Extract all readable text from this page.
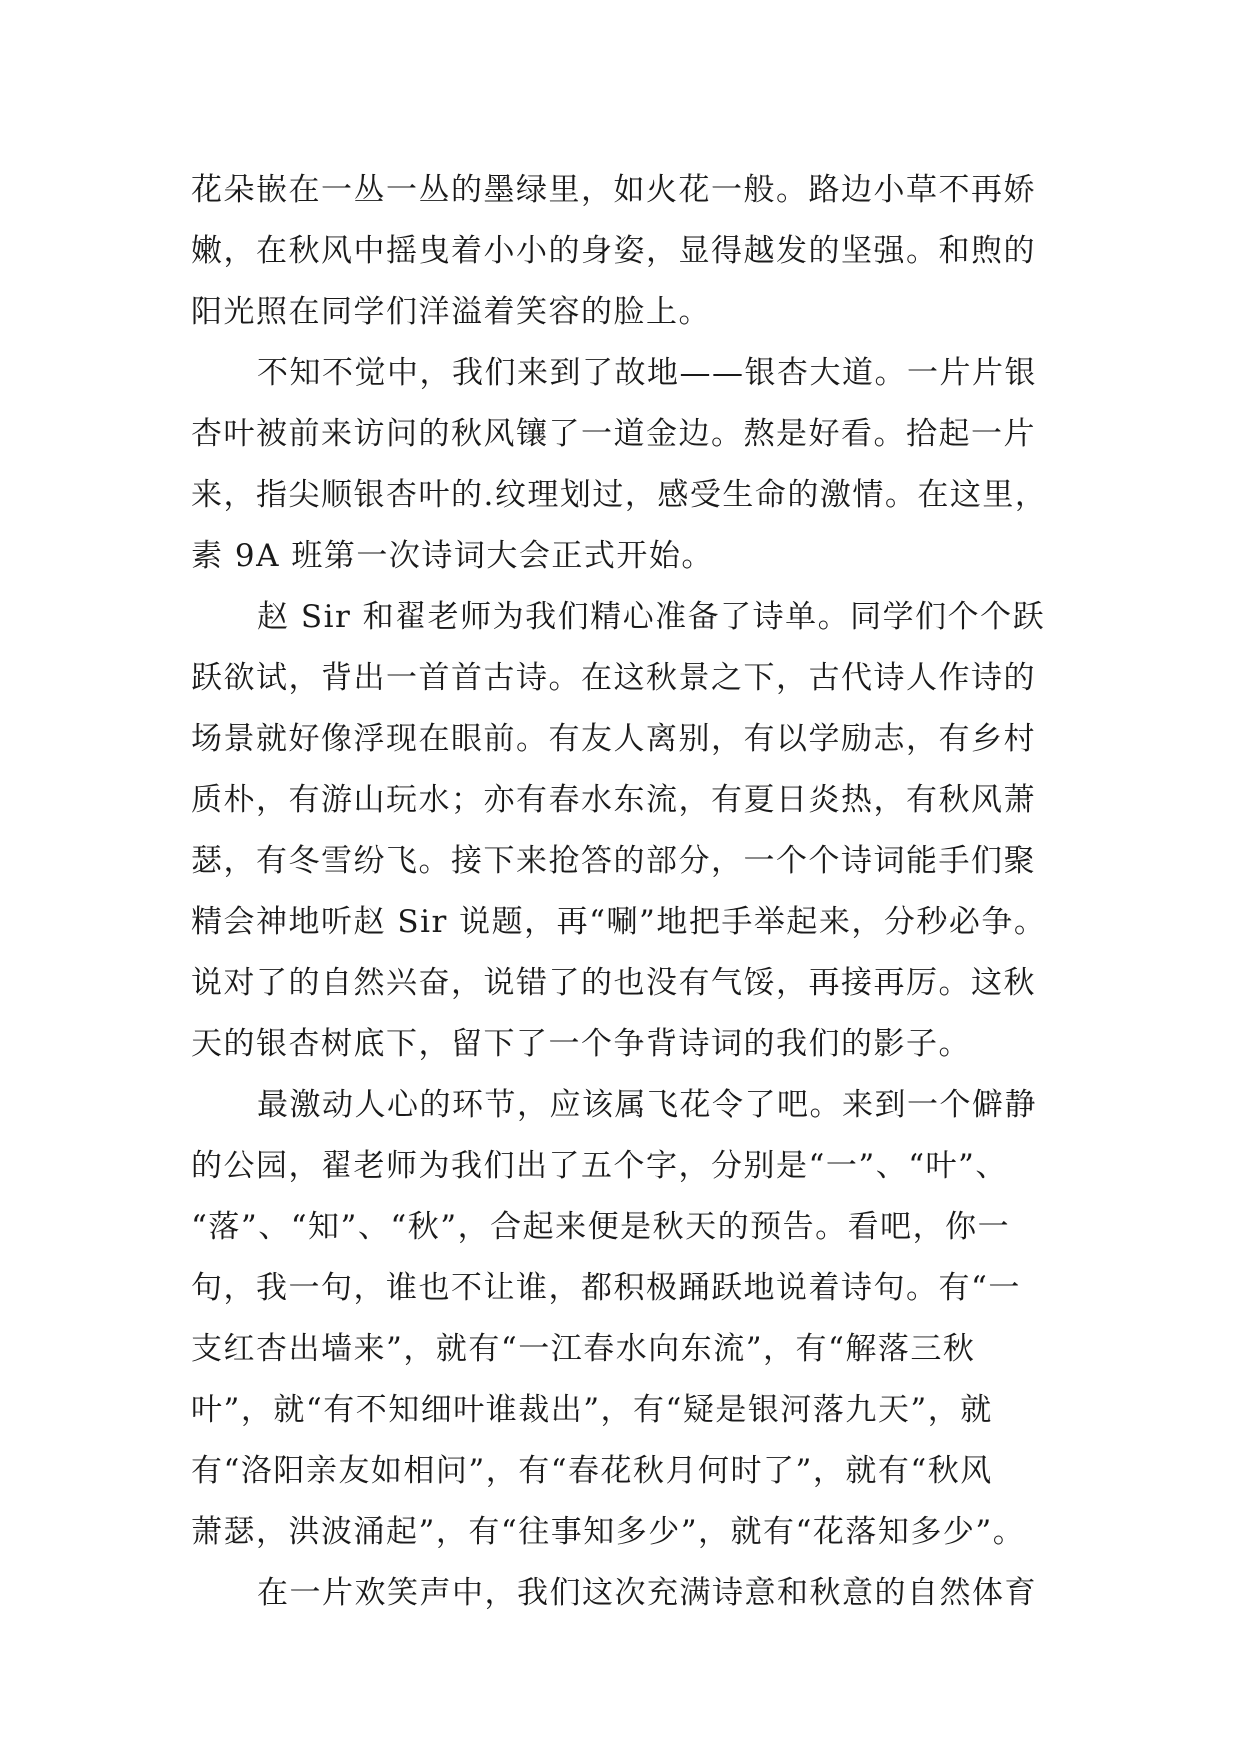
花朵嵌在一丛一丛的墨绿里，如火花一般。路边小草不再娇
嫩，在秋风中摇曳着小小的身姿，显得越发的坚强。和煦的
阳光照在同学们洋溢着笑容的脸上。
不知不觉中，我们来到了故地——银杏大道。一片片银
杏叶被前来访问的秋风镶了一道金边。熬是好看。拾起一片
来，指尖顺银杏叶的.纹理划过，感受生命的激情。在这里，
素 9A 班第一次诗词大会正式开始。
赵 Sir 和翟老师为我们精心准备了诗单。同学们个个跃
跃欲试，背出一首首古诗。在这秋景之下，古代诗人作诗的
场景就好像浮现在眼前。有友人离别，有以学励志，有乡村
质朴，有游山玩水；亦有春水东流，有夏日炎热，有秋风萧
瑟，有冬雪纷飞。接下来抢答的部分，一个个诗词能手们聚
精会神地听赵 Sir 说题，再“唰”地把手举起来，分秒必争。
说对了的自然兴奋，说错了的也没有气馁，再接再厉。这秋
天的银杏树底下，留下了一个争背诗词的我们的影子。
最激动人心的环节，应该属飞花令了吧。来到一个僻静
的公园，翟老师为我们出了五个字，分别是“一”、“叶”、
“落”、“知”、“秋”，合起来便是秋天的预告。看吧，你一
句，我一句，谁也不让谁，都积极踊跃地说着诗句。有“一
支红杏出墙来”，就有“一江春水向东流”，有“解落三秋
叶”，就“有不知细叶谁裁出”，有“疑是银河落九天”，就
有“洛阳亲友如相问”，有“春花秋月何时了”，就有“秋风
萧瑟，洪波涌起”，有“往事知多少”，就有“花落知多少”。
在一片欢笑声中，我们这次充满诗意和秋意的自然体育
